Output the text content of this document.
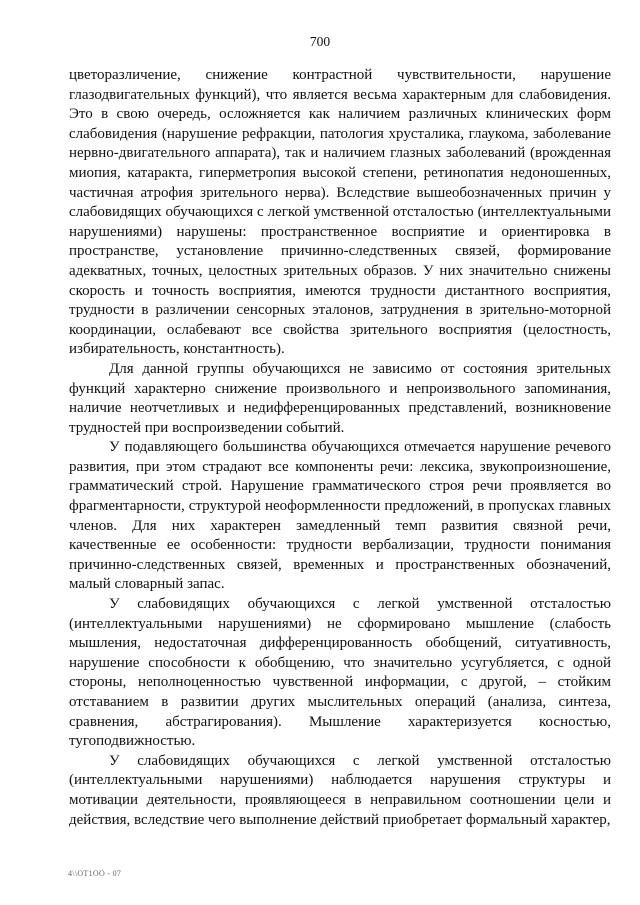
700

цветоразличение, снижение контрастной чувствительности, нарушение глазодвигательных функций), что является весьма характерным для слабовидения. Это в свою очередь, осложняется как наличием различных клинических форм слабовидения (нарушение рефракции, патология хрусталика, глаукома, заболевание нервно-двигательного аппарата), так и наличием глазных заболеваний (врожденная миопия, катаракта, гиперметропия высокой степени, ретинопатия недоношенных, частичная атрофия зрительного нерва). Вследствие вышеобозначенных причин у слабовидящих обучающихся с легкой умственной отсталостью (интеллектуальными нарушениями) нарушены: пространственное восприятие и ориентировка в пространстве, установление причинно-следственных связей, формирование адекватных, точных, целостных зрительных образов. У них значительно снижены скорость и точность восприятия, имеются трудности дистантного восприятия, трудности в различении сенсорных эталонов, затруднения в зрительно-моторной координации, ослабевают все свойства зрительного восприятия (целостность, избирательность, константность).

Для данной группы обучающихся не зависимо от состояния зрительных функций характерно снижение произвольного и непроизвольного запоминания, наличие неотчетливых и недифференцированных представлений, возникновение трудностей при воспроизведении событий.

У подавляющего большинства обучающихся отмечается нарушение речевого развития, при этом страдают все компоненты речи: лексика, звукопроизношение, грамматический строй. Нарушение грамматического строя речи проявляется во фрагментарности, структурой неоформленности предложений, в пропусках главных членов. Для них характерен замедленный темп развития связной речи, качественные ее особенности: трудности вербализации, трудности понимания причинно-следственных связей, временных и пространственных обозначений, малый словарный запас.

У слабовидящих обучающихся с легкой умственной отсталостью (интеллектуальными нарушениями) не сформировано мышление (слабость мышления, недостаточная дифференцированность обобщений, ситуативность, нарушение способности к обобщению, что значительно усугубляется, с одной стороны, неполноценностью чувственной информации, с другой, – стойким отставанием в развитии других мыслительных операций (анализа, синтеза, сравнения, абстрагирования). Мышление характеризуется косностью, тугоподвижностью.

У слабовидящих обучающихся с легкой умственной отсталостью (интеллектуальными нарушениями) наблюдается нарушения структуры и мотивации деятельности, проявляющееся в неправильном соотношении цели и действия, вследствие чего выполнение действий приобретает формальный характер,

4\\ОТ1ОО - 07
